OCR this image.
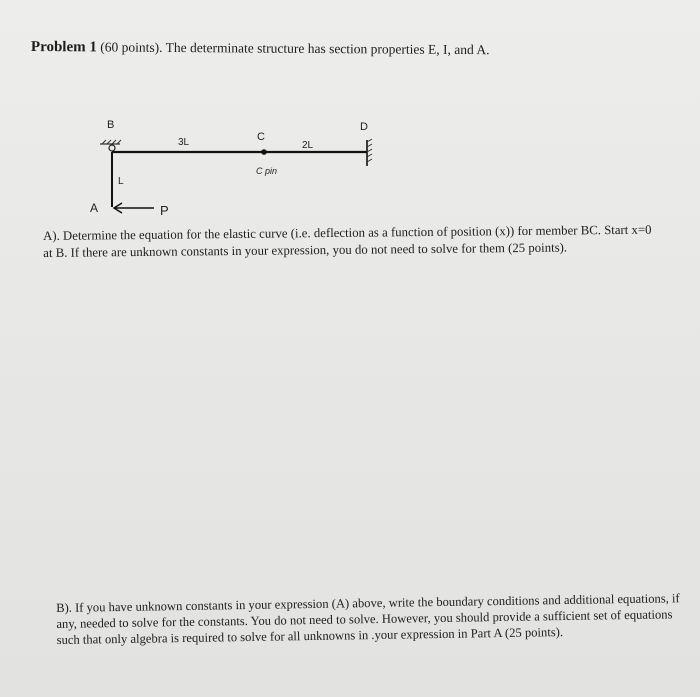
Problem 1 (60 points). The determinate structure has section properties E, I, and A.
B
C
D
A	P
3L	2L
L
C pin
A). Determine the equation for the elastic curve (i.e. deflection as a function of position (x)) for member BC. Start x=0 at B. If there are unknown constants in your expression, you do not need to solve for them (25 points).
B). If you have unknown constants in your expression (A) above, write the boundary conditions and additional equations, if any, needed to solve for the constants. You do not need to solve. However, you should provide a sufficient set of equations such that only algebra is required to solve for all unknowns in .your expression in Part A (25 points).
